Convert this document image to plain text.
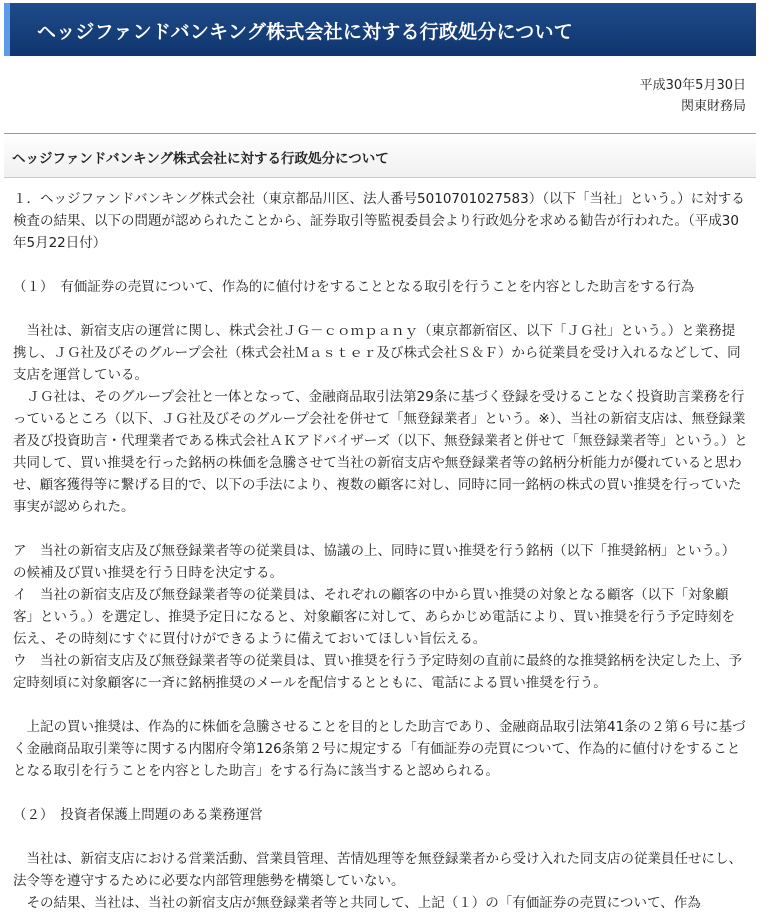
ヘッジファンドバンキング株式会社に対する行政処分について
平成30年5月30日
関東財務局
ヘッジファンドバンキング株式会社に対する行政処分について

１．ヘッジファンドバンキング株式会社（東京都品川区、法人番号5010701027583）（以下「当社」という。）に対する検査の結果、以下の問題が認められたことから、証券取引等監視委員会より行政処分を求める勧告が行われた。（平成30年5月22日付）

（１）　有価証券の売買について、作為的に値付けをすることとなる取引を行うことを内容とした助言をする行為

　当社は、新宿支店の運営に関し、株式会社ＪＧ－ｃｏｍｐａｎｙ（東京都新宿区、以下「ＪＧ社」という。）と業務提携し、ＪＧ社及びそのグループ会社（株式会社Ｍａｓｔｅｒ及び株式会社Ｓ＆Ｆ）から従業員を受け入れるなどして、同支店を運営している。

　ＪＧ社は、そのグループ会社と一体となって、金融商品取引法第29条に基づく登録を受けることなく投資助言業務を行っているところ（以下、ＪＧ社及びそのグループ会社を併せて「無登録業者」という。※）、当社の新宿支店は、無登録業者及び投資助言・代理業者である株式会社ＡＫアドバイザーズ（以下、無登録業者と併せて「無登録業者等」という。）と共同して、買い推奨を行った銘柄の株価を急騰させて当社の新宿支店や無登録業者等の銘柄分析能力が優れていると思わせ、顧客獲得等に繋げる目的で、以下の手法により、複数の顧客に対し、同時に同一銘柄の株式の買い推奨を行っていた事実が認められた。

ア　当社の新宿支店及び無登録業者等の従業員は、協議の上、同時に買い推奨を行う銘柄（以下「推奨銘柄」という。）の候補及び買い推奨を行う日時を決定する。

イ　当社の新宿支店及び無登録業者等の従業員は、それぞれの顧客の中から買い推奨の対象となる顧客（以下「対象顧客」という。）を選定し、推奨予定日になると、対象顧客に対して、あらかじめ電話により、買い推奨を行う予定時刻を伝え、その時刻にすぐに買付けができるように備えておいてほしい旨伝える。

ウ　当社の新宿支店及び無登録業者等の従業員は、買い推奨を行う予定時刻の直前に最終的な推奨銘柄を決定した上、予定時刻頃に対象顧客に一斉に銘柄推奨のメールを配信するとともに、電話による買い推奨を行う。

　上記の買い推奨は、作為的に株価を急騰させることを目的とした助言であり、金融商品取引法第41条の２第６号に基づく金融商品取引業等に関する内閣府令第126条第２号に規定する「有価証券の売買について、作為的に値付けをすることとなる取引を行うことを内容とした助言」をする行為に該当すると認められる。

（２）　投資者保護上問題のある業務運営

　当社は、新宿支店における営業活動、営業員管理、苦情処理等を無登録業者から受け入れた同支店の従業員任せにし、法令等を遵守するために必要な内部管理態勢を構築していない。

　その結果、当社は、当社の新宿支店が無登録業者等と共同して、上記（１）の「有価証券の売買について、作為
